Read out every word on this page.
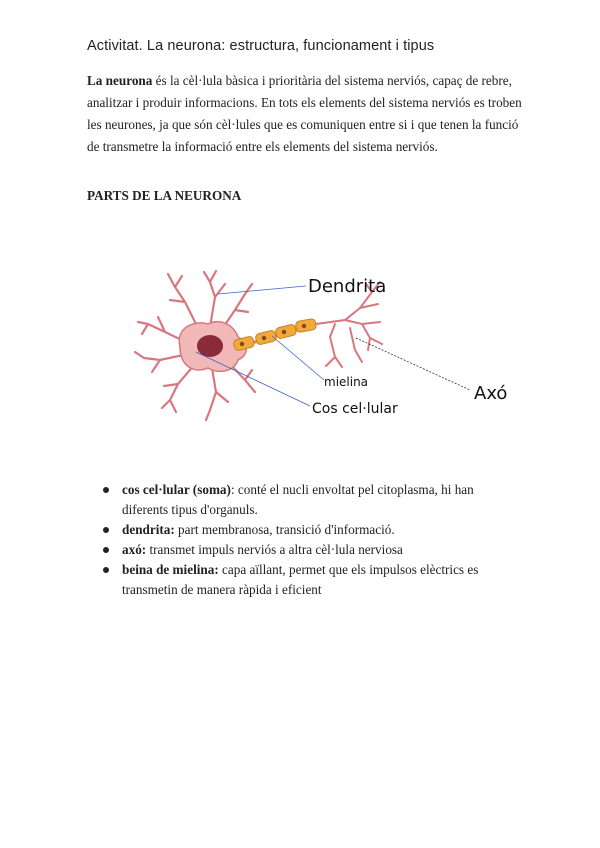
Activitat. La neurona: estructura, funcionament i tipus

La neurona és la cèl·lula bàsica i prioritària del sistema nerviós, capaç de rebre, analitzar i produir informacions. En tots els elements del sistema nerviós es troben les neurones, ja que són cèl·lules que es comuniquen entre si i que tenen la funció de transmetre la informació entre els elements del sistema nerviós.

PARTS DE LA NEURONA
Dendrita
mielina
Cos cel·lular
Axó
cos cel·lular (soma): conté el nucli envoltat pel citoplasma, hi han diferents tipus d'organuls.
dendrita: part membranosa, transició d'informació.
axó: transmet impuls nerviós a altra cèl·lula nerviosa
beina de mielina: capa aïllant, permet que els impulsos elèctrics es transmetin de manera ràpida i eficient
